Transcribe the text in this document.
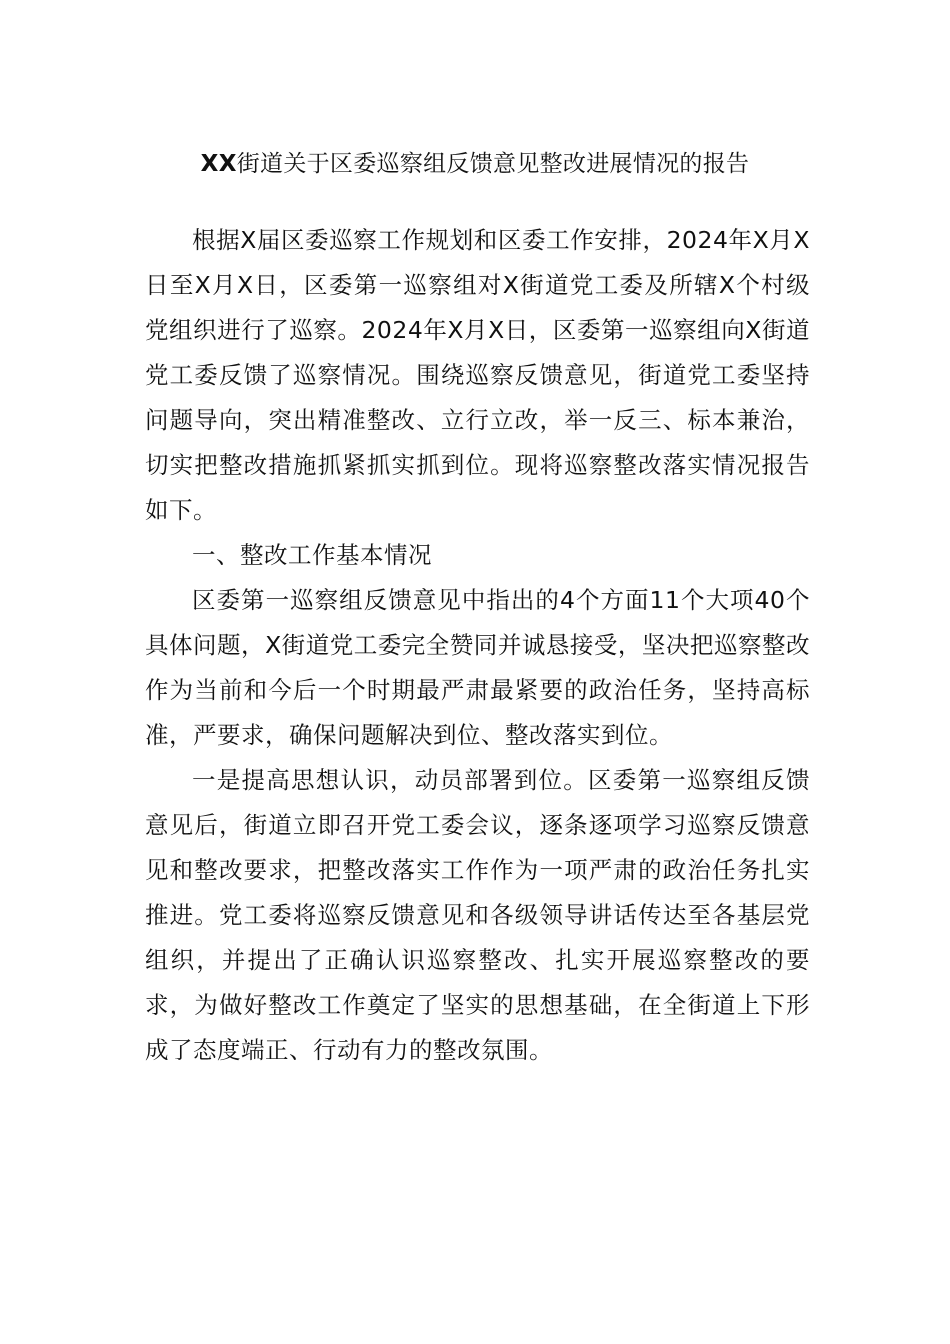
XX街道关于区委巡察组反馈意见整改进展情况的报告

根据X届区委巡察工作规划和区委工作安排，2024年X月X日至X月X日，区委第一巡察组对X街道党工委及所辖X个村级党组织进行了巡察。2024年X月X日，区委第一巡察组向X街道党工委反馈了巡察情况。围绕巡察反馈意见，街道党工委坚持问题导向，突出精准整改、立行立改，举一反三、标本兼治，切实把整改措施抓紧抓实抓到位。现将巡察整改落实情况报告如下。

一、整改工作基本情况

区委第一巡察组反馈意见中指出的4个方面11个大项40个具体问题，X街道党工委完全赞同并诚恳接受，坚决把巡察整改作为当前和今后一个时期最严肃最紧要的政治任务，坚持高标准，严要求，确保问题解决到位、整改落实到位。

一是提高思想认识，动员部署到位。区委第一巡察组反馈意见后，街道立即召开党工委会议，逐条逐项学习巡察反馈意见和整改要求，把整改落实工作作为一项严肃的政治任务扎实推进。党工委将巡察反馈意见和各级领导讲话传达至各基层党组织，并提出了正确认识巡察整改、扎实开展巡察整改的要求，为做好整改工作奠定了坚实的思想基础，在全街道上下形成了态度端正、行动有力的整改氛围。
